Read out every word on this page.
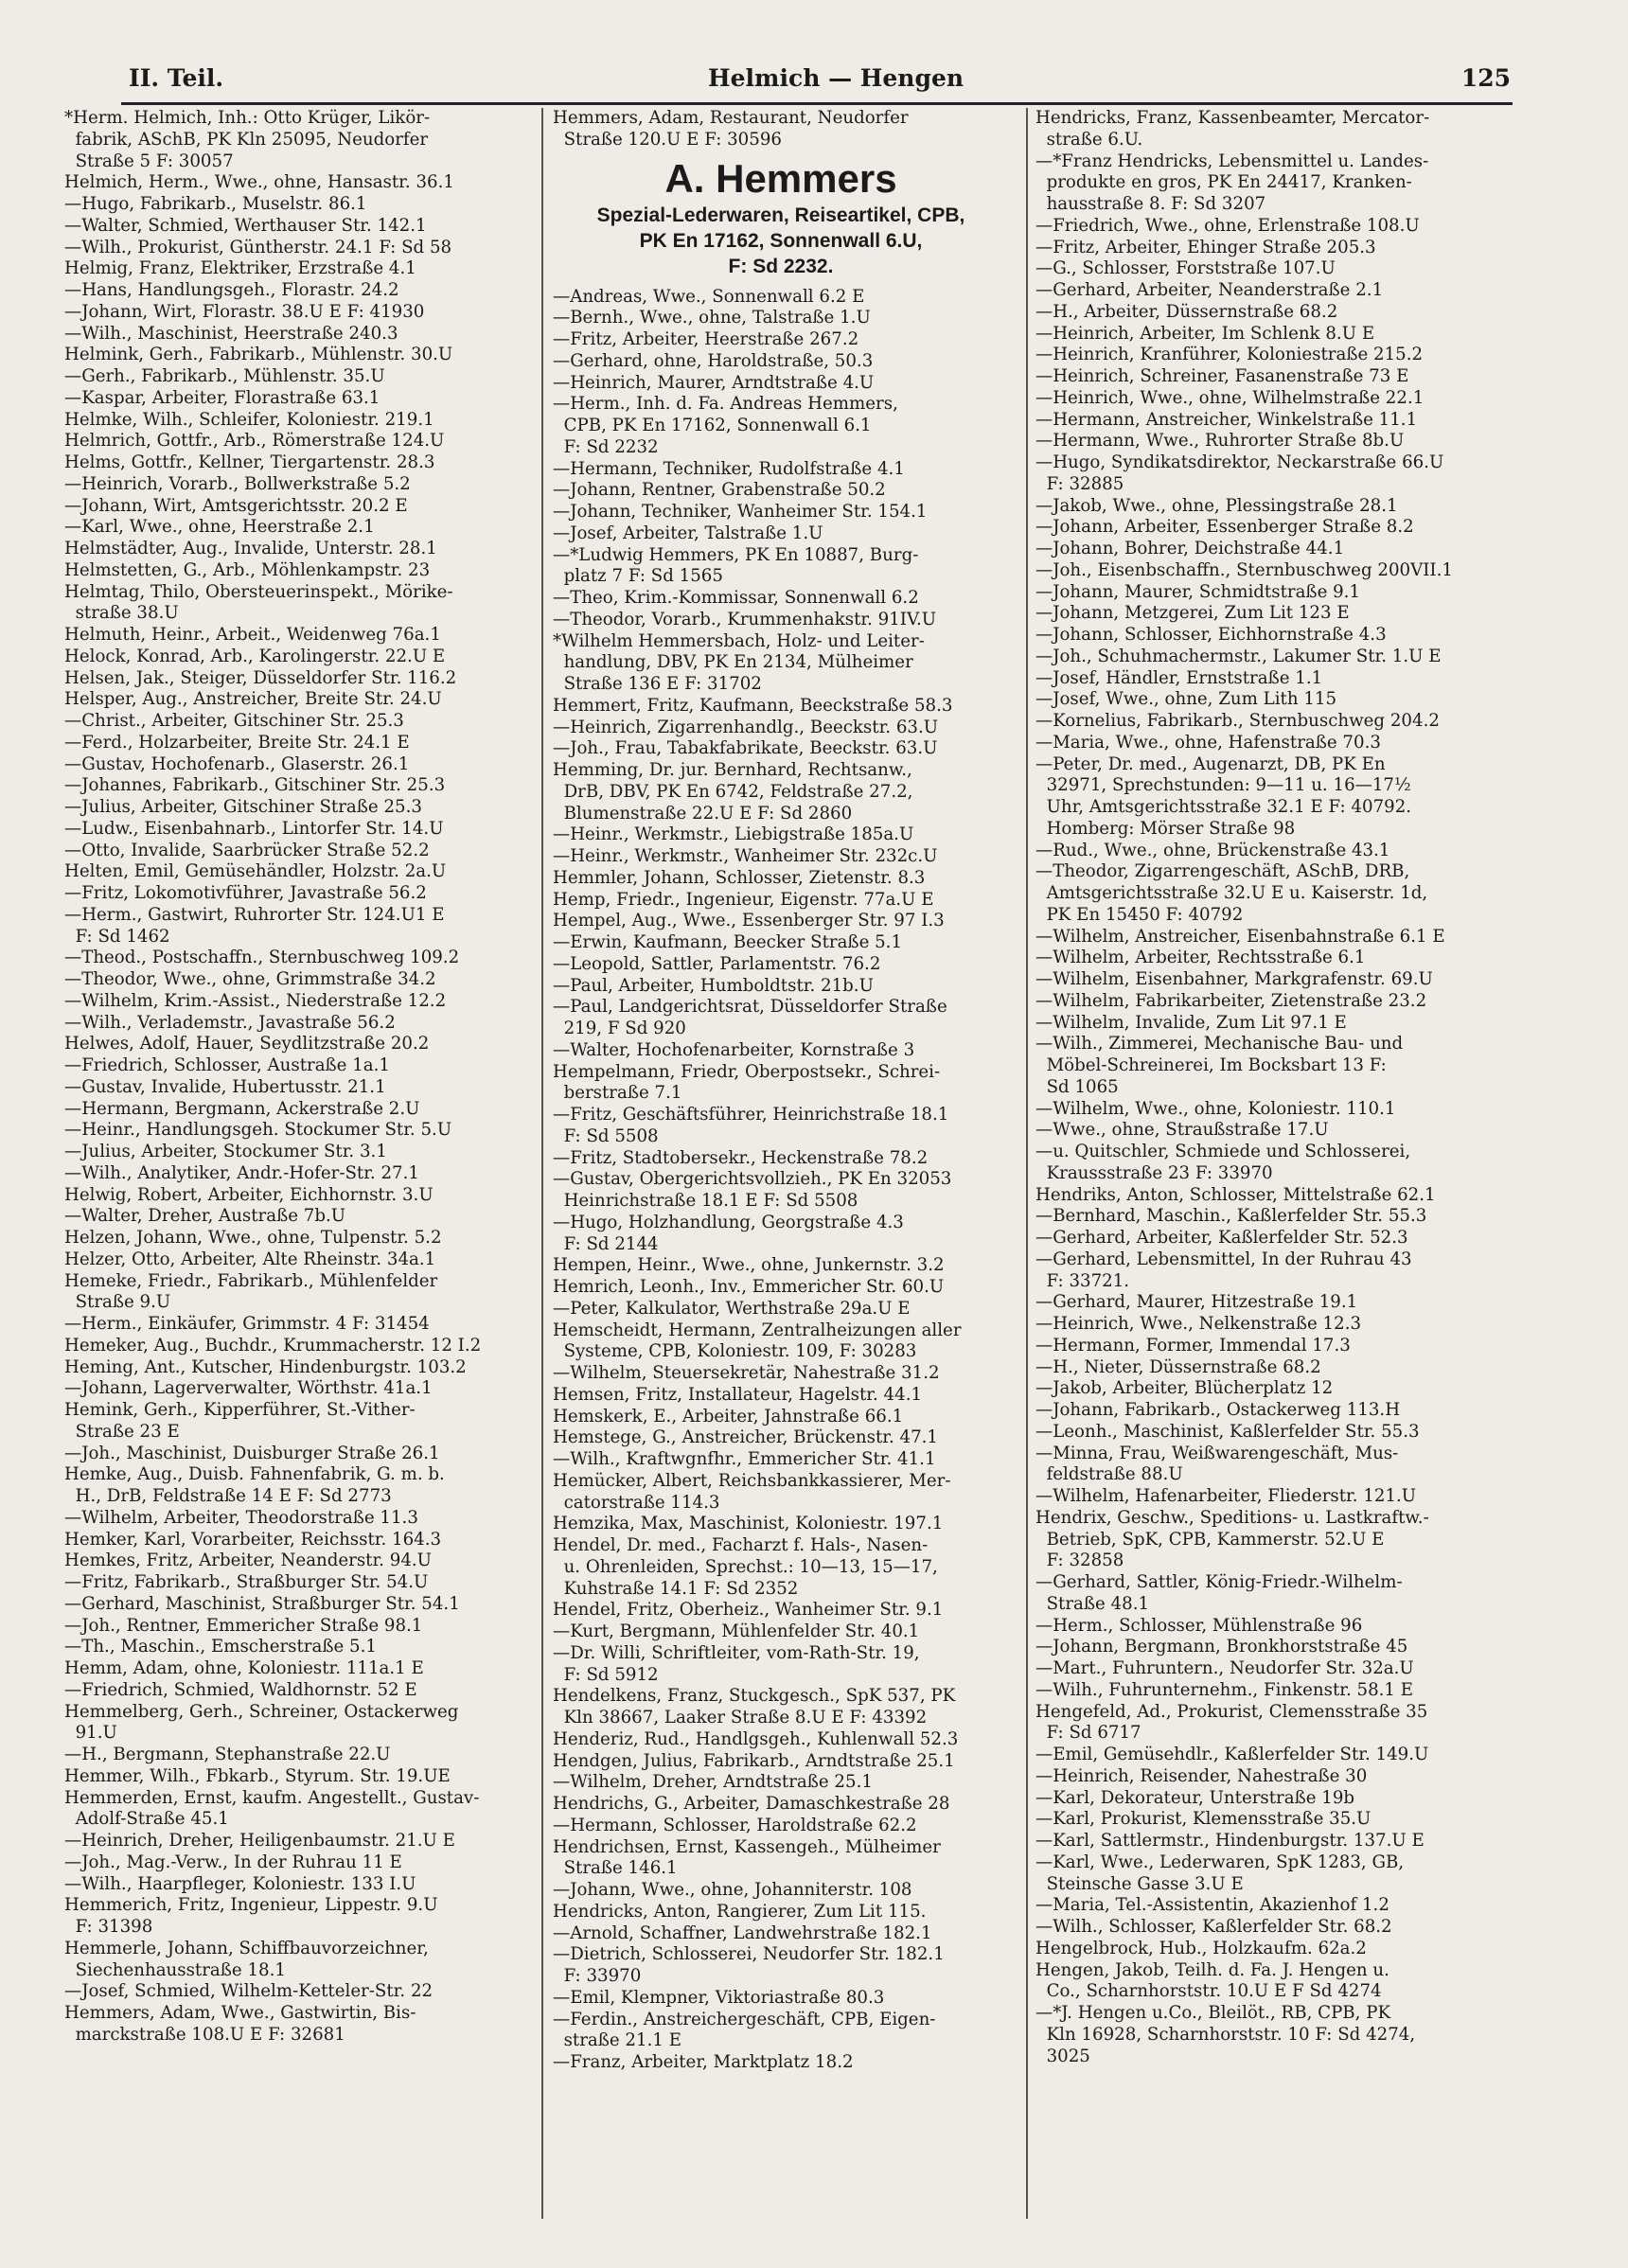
II. Teil.	Helmich — Hengen	125
*Herm. Helmich, Inh.: Otto Krüger, Likör-
fabrik, ASchB, PK Kln 25095, Neudorfer
Straße 5 F: 30057
Helmich, Herm., Wwe., ohne, Hansastr. 36.1
—Hugo, Fabrikarb., Muselstr. 86.1
—Walter, Schmied, Werthauser Str. 142.1
—Wilh., Prokurist, Güntherstr. 24.1 F: Sd 58
Helmig, Franz, Elektriker, Erzstraße 4.1
—Hans, Handlungsgeh., Florastr. 24.2
—Johann, Wirt, Florastr. 38.U E F: 41930
—Wilh., Maschinist, Heerstraße 240.3
Helmink, Gerh., Fabrikarb., Mühlenstr. 30.U
—Gerh., Fabrikarb., Mühlenstr. 35.U
—Kaspar, Arbeiter, Florastraße 63.1
Helmke, Wilh., Schleifer, Koloniestr. 219.1
Helmrich, Gottfr., Arb., Römerstraße 124.U
Helms, Gottfr., Kellner, Tiergartenstr. 28.3
—Heinrich, Vorarb., Bollwerkstraße 5.2
—Johann, Wirt, Amtsgerichtsstr. 20.2 E
—Karl, Wwe., ohne, Heerstraße 2.1
Helmstädter, Aug., Invalide, Unterstr. 28.1
Helmstetten, G., Arb., Möhlenkampstr. 23
Helmtag, Thilo, Obersteuerinspekt., Mörike-
straße 38.U
Helmuth, Heinr., Arbeit., Weidenweg 76a.1
Helock, Konrad, Arb., Karolingerstr. 22.U E
Helsen, Jak., Steiger, Düsseldorfer Str. 116.2
Helsper, Aug., Anstreicher, Breite Str. 24.U
—Christ., Arbeiter, Gitschiner Str. 25.3
—Ferd., Holzarbeiter, Breite Str. 24.1 E
—Gustav, Hochofenarb., Glaserstr. 26.1
—Johannes, Fabrikarb., Gitschiner Str. 25.3
—Julius, Arbeiter, Gitschiner Straße 25.3
—Ludw., Eisenbahnarb., Lintorfer Str. 14.U
—Otto, Invalide, Saarbrücker Straße 52.2
Helten, Emil, Gemüsehändler, Holzstr. 2a.U
—Fritz, Lokomotivführer, Javastraße 56.2
—Herm., Gastwirt, Ruhrorter Str. 124.U1 E
F: Sd 1462
—Theod., Postschaffn., Sternbuschweg 109.2
—Theodor, Wwe., ohne, Grimmstraße 34.2
—Wilhelm, Krim.-Assist., Niederstraße 12.2
—Wilh., Verlademstr., Javastraße 56.2
Helwes, Adolf, Hauer, Seydlitzstraße 20.2
—Friedrich, Schlosser, Austraße 1a.1
—Gustav, Invalide, Hubertusstr. 21.1
—Hermann, Bergmann, Ackerstraße 2.U
—Heinr., Handlungsgeh. Stockumer Str. 5.U
—Julius, Arbeiter, Stockumer Str. 3.1
—Wilh., Analytiker, Andr.-Hofer-Str. 27.1
Helwig, Robert, Arbeiter, Eichhornstr. 3.U
—Walter, Dreher, Austraße 7b.U
Helzen, Johann, Wwe., ohne, Tulpenstr. 5.2
Helzer, Otto, Arbeiter, Alte Rheinstr. 34a.1
Hemeke, Friedr., Fabrikarb., Mühlenfelder
Straße 9.U
—Herm., Einkäufer, Grimmstr. 4 F: 31454
Hemeker, Aug., Buchdr., Krummacherstr. 12 I.2
Heming, Ant., Kutscher, Hindenburgstr. 103.2
—Johann, Lagerverwalter, Wörthstr. 41a.1
Hemink, Gerh., Kipperführer, St.-Vither-
Straße 23 E
—Joh., Maschinist, Duisburger Straße 26.1
Hemke, Aug., Duisb. Fahnenfabrik, G. m. b.
H., DrB, Feldstraße 14 E F: Sd 2773
—Wilhelm, Arbeiter, Theodorstraße 11.3
Hemker, Karl, Vorarbeiter, Reichsstr. 164.3
Hemkes, Fritz, Arbeiter, Neanderstr. 94.U
—Fritz, Fabrikarb., Straßburger Str. 54.U
—Gerhard, Maschinist, Straßburger Str. 54.1
—Joh., Rentner, Emmericher Straße 98.1
—Th., Maschin., Emscherstraße 5.1
Hemm, Adam, ohne, Koloniestr. 111a.1 E
—Friedrich, Schmied, Waldhornstr. 52 E
Hemmelberg, Gerh., Schreiner, Ostackerweg
91.U
—H., Bergmann, Stephanstraße 22.U
Hemmer, Wilh., Fbkarb., Styrum. Str. 19.UE
Hemmerden, Ernst, kaufm. Angestellt., Gustav-
Adolf-Straße 45.1
—Heinrich, Dreher, Heiligenbaumstr. 21.U E
—Joh., Mag.-Verw., In der Ruhrau 11 E
—Wilh., Haarpfleger, Koloniestr. 133 I.U
Hemmerich, Fritz, Ingenieur, Lippestr. 9.U
F: 31398
Hemmerle, Johann, Schiffbauvorzeichner,
Siechenhausstraße 18.1
—Josef, Schmied, Wilhelm-Ketteler-Str. 22
Hemmers, Adam, Wwe., Gastwirtin, Bis-
marckstraße 108.U E F: 32681
Hemmers, Adam, Restaurant, Neudorfer
Straße 120.U E F: 30596
A. Hemmers
Spezial-Lederwaren, Reiseartikel, CPB,
PK En 17162, Sonnenwall 6.U,
F: Sd 2232.
—Andreas, Wwe., Sonnenwall 6.2 E
—Bernh., Wwe., ohne, Talstraße 1.U
—Fritz, Arbeiter, Heerstraße 267.2
—Gerhard, ohne, Haroldstraße, 50.3
—Heinrich, Maurer, Arndtstraße 4.U
—Herm., Inh. d. Fa. Andreas Hemmers,
CPB, PK En 17162, Sonnenwall 6.1
F: Sd 2232
—Hermann, Techniker, Rudolfstraße 4.1
—Johann, Rentner, Grabenstraße 50.2
—Johann, Techniker, Wanheimer Str. 154.1
—Josef, Arbeiter, Talstraße 1.U
—*Ludwig Hemmers, PK En 10887, Burg-
platz 7 F: Sd 1565
—Theo, Krim.-Kommissar, Sonnenwall 6.2
—Theodor, Vorarb., Krummenhakstr. 91IV.U
*Wilhelm Hemmersbach, Holz- und Leiter-
handlung, DBV, PK En 2134, Mülheimer
Straße 136 E F: 31702
Hemmert, Fritz, Kaufmann, Beeckstraße 58.3
—Heinrich, Zigarrenhandlg., Beeckstr. 63.U
—Joh., Frau, Tabakfabrikate, Beeckstr. 63.U
Hemming, Dr. jur. Bernhard, Rechtsanw.,
DrB, DBV, PK En 6742, Feldstraße 27.2,
Blumenstraße 22.U E F: Sd 2860
—Heinr., Werkmstr., Liebigstraße 185a.U
—Heinr., Werkmstr., Wanheimer Str. 232c.U
Hemmler, Johann, Schlosser, Zietenstr. 8.3
Hemp, Friedr., Ingenieur, Eigenstr. 77a.U E
Hempel, Aug., Wwe., Essenberger Str. 97 I.3
—Erwin, Kaufmann, Beecker Straße 5.1
—Leopold, Sattler, Parlamentstr. 76.2
—Paul, Arbeiter, Humboldtstr. 21b.U
—Paul, Landgerichtsrat, Düsseldorfer Straße
219, F Sd 920
—Walter, Hochofenarbeiter, Kornstraße 3
Hempelmann, Friedr, Oberpostsekr., Schrei-
berstraße 7.1
—Fritz, Geschäftsführer, Heinrichstraße 18.1
F: Sd 5508
—Fritz, Stadtobersekr., Heckenstraße 78.2
—Gustav, Obergerichtsvollzieh., PK En 32053
Heinrichstraße 18.1 E F: Sd 5508
—Hugo, Holzhandlung, Georgstraße 4.3
F: Sd 2144
Hempen, Heinr., Wwe., ohne, Junkernstr. 3.2
Hemrich, Leonh., Inv., Emmericher Str. 60.U
—Peter, Kalkulator, Werthstraße 29a.U E
Hemscheidt, Hermann, Zentralheizungen aller
Systeme, CPB, Koloniestr. 109, F: 30283
—Wilhelm, Steuersekretär, Nahestraße 31.2
Hemsen, Fritz, Installateur, Hagelstr. 44.1
Hemskerk, E., Arbeiter, Jahnstraße 66.1
Hemstege, G., Anstreicher, Brückenstr. 47.1
—Wilh., Kraftwgnfhr., Emmericher Str. 41.1
Hemücker, Albert, Reichsbankkassierer, Mer-
catorstraße 114.3
Hemzika, Max, Maschinist, Koloniestr. 197.1
Hendel, Dr. med., Facharzt f. Hals-, Nasen-
u. Ohrenleiden, Sprechst.: 10—13, 15—17,
Kuhstraße 14.1 F: Sd 2352
Hendel, Fritz, Oberheiz., Wanheimer Str. 9.1
—Kurt, Bergmann, Mühlenfelder Str. 40.1
—Dr. Willi, Schriftleiter, vom-Rath-Str. 19,
F: Sd 5912
Hendelkens, Franz, Stuckgesch., SpK 537, PK
Kln 38667, Laaker Straße 8.U E F: 43392
Henderiz, Rud., Handlgsgeh., Kuhlenwall 52.3
Hendgen, Julius, Fabrikarb., Arndtstraße 25.1
—Wilhelm, Dreher, Arndtstraße 25.1
Hendrichs, G., Arbeiter, Damaschkestraße 28
—Hermann, Schlosser, Haroldstraße 62.2
Hendrichsen, Ernst, Kassengeh., Mülheimer
Straße 146.1
—Johann, Wwe., ohne, Johanniterstr. 108
Hendricks, Anton, Rangierer, Zum Lit 115.
—Arnold, Schaffner, Landwehrstraße 182.1
—Dietrich, Schlosserei, Neudorfer Str. 182.1
F: 33970
—Emil, Klempner, Viktoriastraße 80.3
—Ferdin., Anstreichergeschäft, CPB, Eigen-
straße 21.1 E
—Franz, Arbeiter, Marktplatz 18.2
Hendricks, Franz, Kassenbeamter, Mercator-
straße 6.U.
—*Franz Hendricks, Lebensmittel u. Landes-
produkte en gros, PK En 24417, Kranken-
hausstraße 8. F: Sd 3207
—Friedrich, Wwe., ohne, Erlenstraße 108.U
—Fritz, Arbeiter, Ehinger Straße 205.3
—G., Schlosser, Forststraße 107.U
—Gerhard, Arbeiter, Neanderstraße 2.1
—H., Arbeiter, Düssernstraße 68.2
—Heinrich, Arbeiter, Im Schlenk 8.U E
—Heinrich, Kranführer, Koloniestraße 215.2
—Heinrich, Schreiner, Fasanenstraße 73 E
—Heinrich, Wwe., ohne, Wilhelmstraße 22.1
—Hermann, Anstreicher, Winkelstraße 11.1
—Hermann, Wwe., Ruhrorter Straße 8b.U
—Hugo, Syndikatsdirektor, Neckarstraße 66.U
F: 32885
—Jakob, Wwe., ohne, Plessingstraße 28.1
—Johann, Arbeiter, Essenberger Straße 8.2
—Johann, Bohrer, Deichstraße 44.1
—Joh., Eisenbschaffn., Sternbuschweg 200VII.1
—Johann, Maurer, Schmidtstraße 9.1
—Johann, Metzgerei, Zum Lit 123 E
—Johann, Schlosser, Eichhornstraße 4.3
—Joh., Schuhmachermstr., Lakumer Str. 1.U E
—Josef, Händler, Ernststraße 1.1
—Josef, Wwe., ohne, Zum Lith 115
—Kornelius, Fabrikarb., Sternbuschweg 204.2
—Maria, Wwe., ohne, Hafenstraße 70.3
—Peter, Dr. med., Augenarzt, DB, PK En
32971, Sprechstunden: 9—11 u. 16—17½
Uhr, Amtsgerichtsstraße 32.1 E F: 40792.
Homberg: Mörser Straße 98
—Rud., Wwe., ohne, Brückenstraße 43.1
—Theodor, Zigarrengeschäft, ASchB, DRB,
Amtsgerichtsstraße 32.U E u. Kaiserstr. 1d,
PK En 15450 F: 40792
—Wilhelm, Anstreicher, Eisenbahnstraße 6.1 E
—Wilhelm, Arbeiter, Rechtsstraße 6.1
—Wilhelm, Eisenbahner, Markgrafenstr. 69.U
—Wilhelm, Fabrikarbeiter, Zietenstraße 23.2
—Wilhelm, Invalide, Zum Lit 97.1 E
—Wilh., Zimmerei, Mechanische Bau- und
Möbel-Schreinerei, Im Bocksbart 13 F:
Sd 1065
—Wilhelm, Wwe., ohne, Koloniestr. 110.1
—Wwe., ohne, Straußstraße 17.U
—u. Quitschler, Schmiede und Schlosserei,
Kraussstraße 23 F: 33970
Hendriks, Anton, Schlosser, Mittelstraße 62.1
—Bernhard, Maschin., Kaßlerfelder Str. 55.3
—Gerhard, Arbeiter, Kaßlerfelder Str. 52.3
—Gerhard, Lebensmittel, In der Ruhrau 43
F: 33721.
—Gerhard, Maurer, Hitzestraße 19.1
—Heinrich, Wwe., Nelkenstraße 12.3
—Hermann, Former, Immendal 17.3
—H., Nieter, Düssernstraße 68.2
—Jakob, Arbeiter, Blücherplatz 12
—Johann, Fabrikarb., Ostackerweg 113.H
—Leonh., Maschinist, Kaßlerfelder Str. 55.3
—Minna, Frau, Weißwarengeschäft, Mus-
feldstraße 88.U
—Wilhelm, Hafenarbeiter, Fliederstr. 121.U
Hendrix, Geschw., Speditions- u. Lastkraftw.-
Betrieb, SpK, CPB, Kammerstr. 52.U E
F: 32858
—Gerhard, Sattler, König-Friedr.-Wilhelm-
Straße 48.1
—Herm., Schlosser, Mühlenstraße 96
—Johann, Bergmann, Bronkhorststraße 45
—Mart., Fuhruntern., Neudorfer Str. 32a.U
—Wilh., Fuhrunternehm., Finkenstr. 58.1 E
Hengefeld, Ad., Prokurist, Clemensstraße 35
F: Sd 6717
—Emil, Gemüsehdlr., Kaßlerfelder Str. 149.U
—Heinrich, Reisender, Nahestraße 30
—Karl, Dekorateur, Unterstraße 19b
—Karl, Prokurist, Klemensstraße 35.U
—Karl, Sattlermstr., Hindenburgstr. 137.U E
—Karl, Wwe., Lederwaren, SpK 1283, GB,
Steinsche Gasse 3.U E
—Maria, Tel.-Assistentin, Akazienhof 1.2
—Wilh., Schlosser, Kaßlerfelder Str. 68.2
Hengelbrock, Hub., Holzkaufm. 62a.2
Hengen, Jakob, Teilh. d. Fa. J. Hengen u.
Co., Scharnhorststr. 10.U E F Sd 4274
—*J. Hengen u.Co., Bleilöt., RB, CPB, PK
Kln 16928, Scharnhorststr. 10 F: Sd 4274,
3025
